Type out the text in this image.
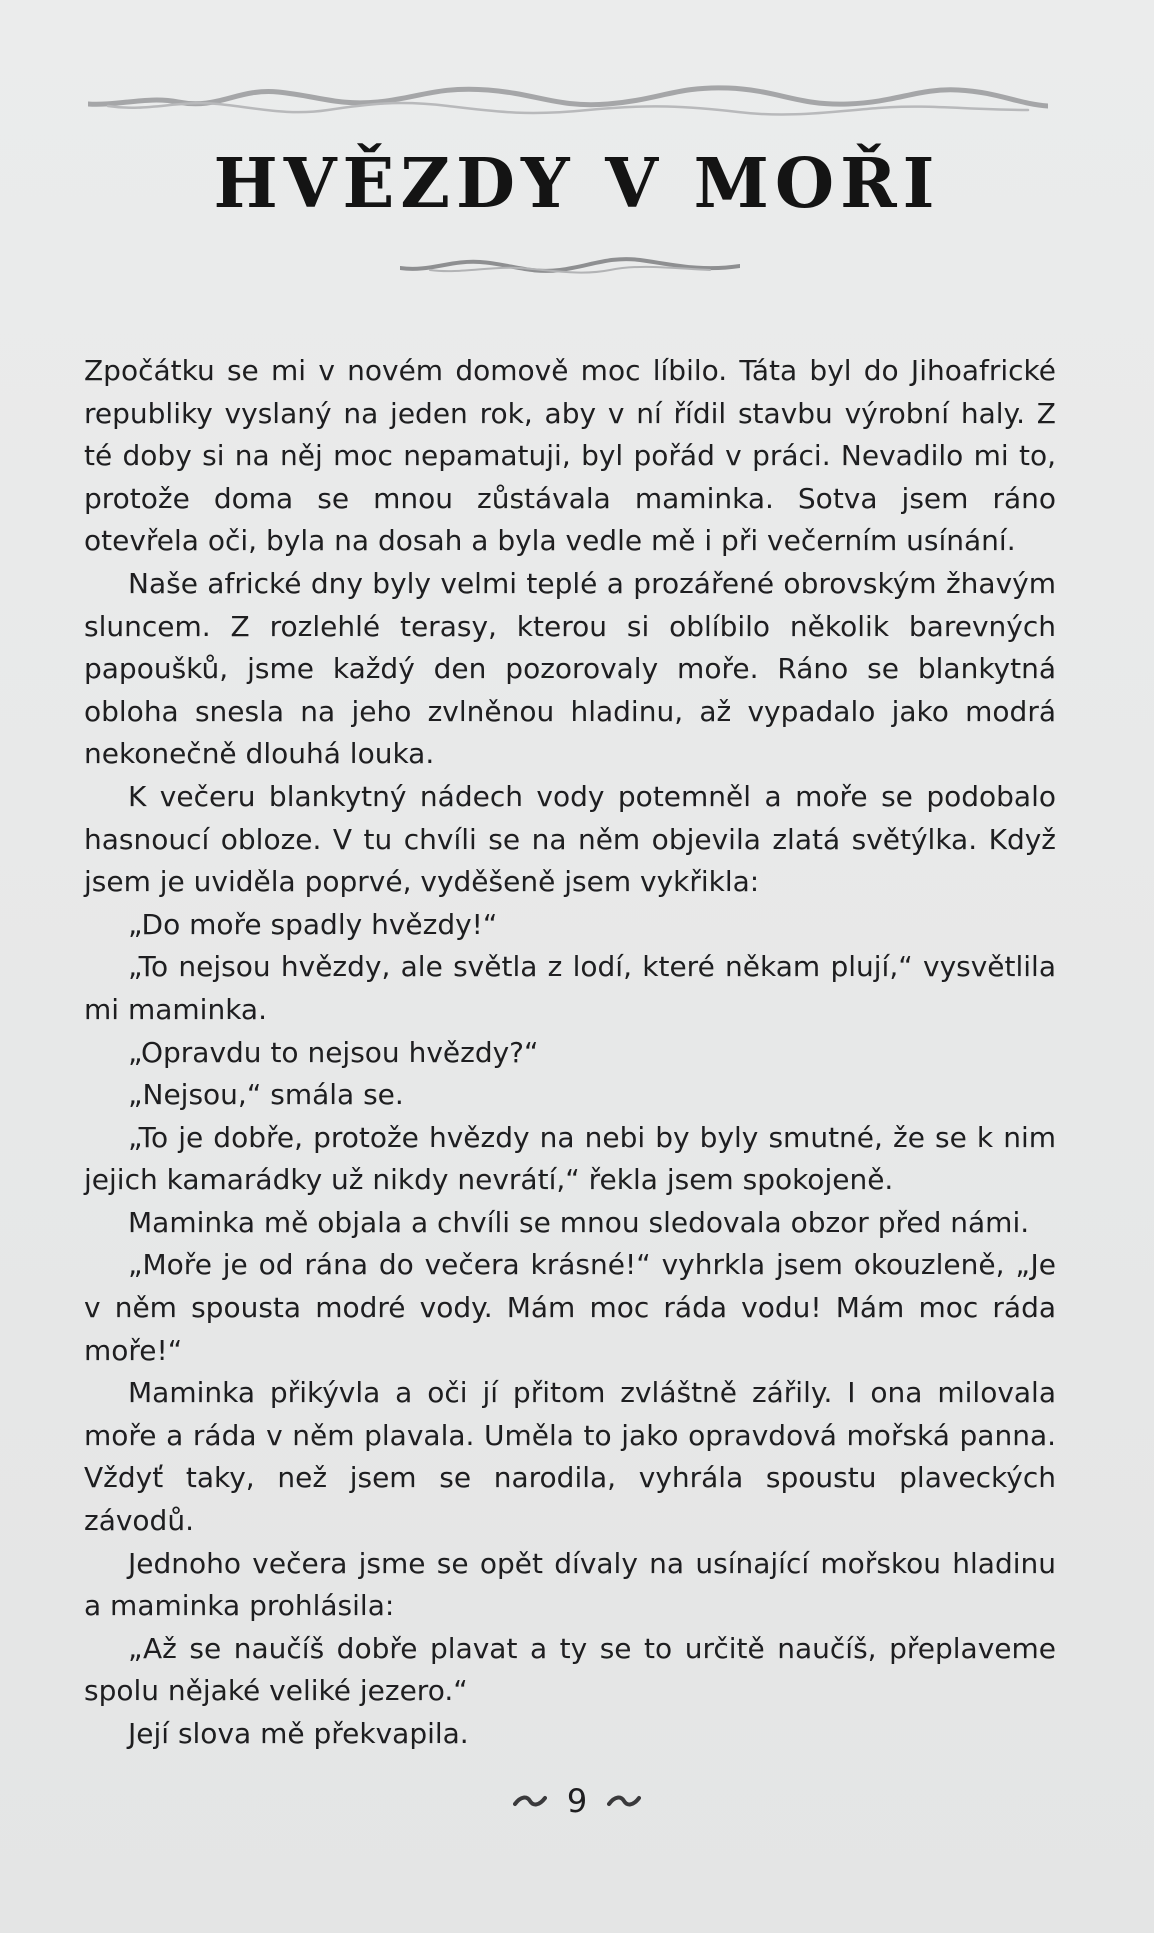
HVĚZDY V MOŘI

Zpočátku se mi v novém domově moc líbilo. Táta byl do Jihoafrické republiky vyslaný na jeden rok, aby v ní řídil stavbu výrobní haly. Z té doby si na něj moc nepamatuji, byl pořád v práci. Nevadilo mi to, protože doma se mnou zůstávala maminka. Sotva jsem ráno otevřela oči, byla na dosah a byla vedle mě i při večerním usínání.

Naše africké dny byly velmi teplé a prozářené obrovským žhavým sluncem. Z rozlehlé terasy, kterou si oblíbilo několik barevných papoušků, jsme každý den pozorovaly moře. Ráno se blankytná obloha snesla na jeho zvlněnou hladinu, až vypadalo jako modrá nekonečně dlouhá louka.

K večeru blankytný nádech vody potemněl a moře se podobalo hasnoucí obloze. V tu chvíli se na něm objevila zlatá světýlka. Když jsem je uviděla poprvé, vyděšeně jsem vykřikla:

„Do moře spadly hvězdy!“

„To nejsou hvězdy, ale světla z lodí, které někam plují,“ vysvětlila mi maminka.

„Opravdu to nejsou hvězdy?“

„Nejsou,“ smála se.

„To je dobře, protože hvězdy na nebi by byly smutné, že se k nim jejich kamarádky už nikdy nevrátí,“ řekla jsem spokojeně.

Maminka mě objala a chvíli se mnou sledovala obzor před námi.

„Moře je od rána do večera krásné!“ vyhrkla jsem okouzleně, „Je v něm spousta modré vody. Mám moc ráda vodu! Mám moc ráda moře!“

Maminka přikývla a oči jí přitom zvláštně zářily. I ona milovala moře a ráda v něm plavala. Uměla to jako opravdová mořská panna. Vždyť taky, než jsem se narodila, vyhrála spoustu plaveckých závodů.

Jednoho večera jsme se opět dívaly na usínající mořskou hladinu a maminka prohlásila:

„Až se naučíš dobře plavat a ty se to určitě naučíš, přeplaveme spolu nějaké veliké jezero.“

Její slova mě překvapila.

9
